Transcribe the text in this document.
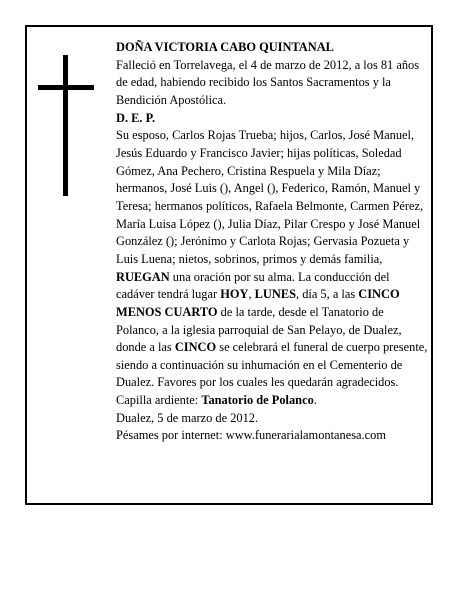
DOÑA VICTORIA CABO QUINTANAL

Falleció en Torrelavega, el 4 de marzo de 2012, a los 81 años de edad, habiendo recibido los Santos Sacramentos y la Bendición Apostólica.

D. E. P.

Su esposo, Carlos Rojas Trueba; hijos, Carlos, José Manuel, Jesús Eduardo y Francisco Javier; hijas políticas, Soledad Gómez, Ana Pechero, Cristina Respuela y Mila Díaz; hermanos, José Luis (), Angel (), Federico, Ramón, Manuel y Teresa; hermanos políticos, Rafaela Belmonte, Carmen Pérez, María Luisa López (), Julia Díaz, Pilar Crespo y José Manuel González (); Jerónimo y Carlota Rojas; Gervasia Pozueta y Luis Luena; nietos, sobrinos, primos y demás familia,

RUEGAN una oración por su alma. La conducción del cadáver tendrá lugar HOY, LUNES, día 5, a las CINCO MENOS CUARTO de la tarde, desde el Tanatorio de Polanco, a la iglesia parroquial de San Pelayo, de Dualez, donde a las CINCO se celebrará el funeral de cuerpo presente, siendo a continuación su inhumación en el Cementerio de Dualez. Favores por los cuales les quedarán agradecidos. Capilla ardiente: Tanatorio de Polanco.

Dualez, 5 de marzo de 2012.

Pésames por internet: www.funerarialamontanesa.com
